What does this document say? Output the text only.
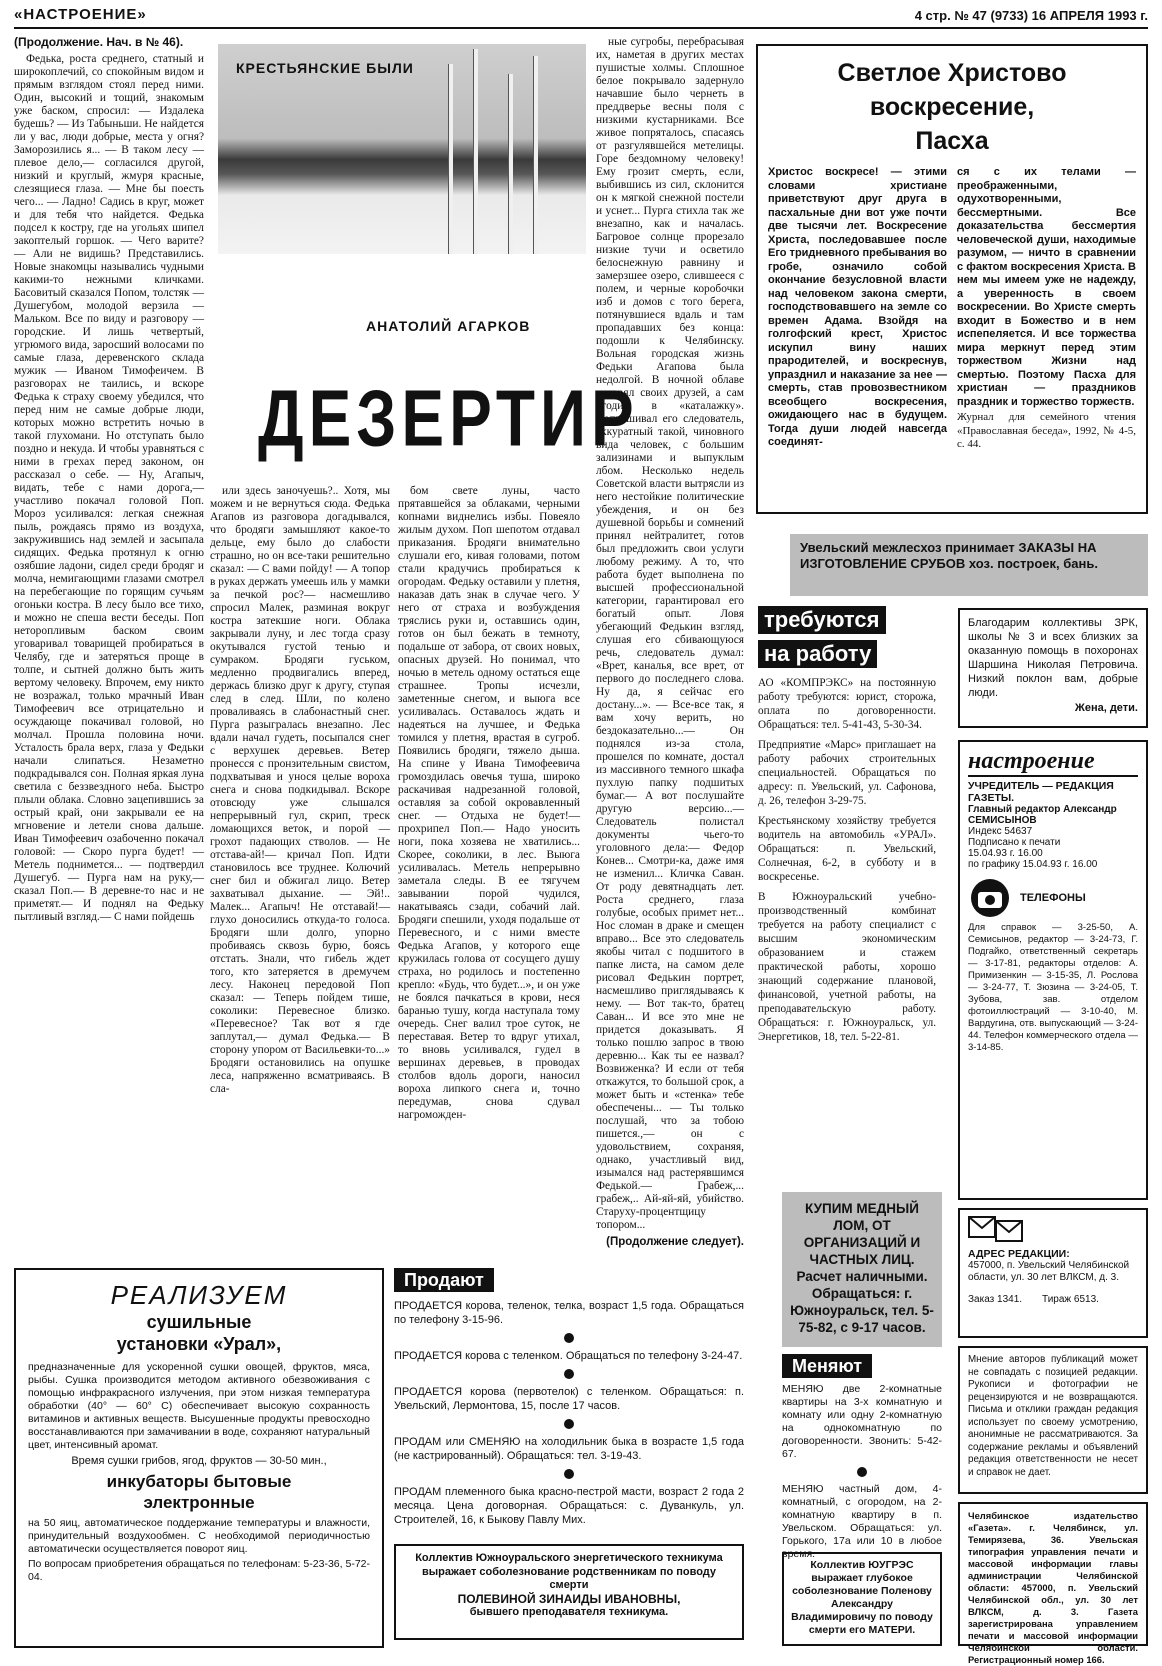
«НАСТРОЕНИЕ»	4 стр. № 47 (9733) 16 АПРЕЛЯ 1993 г.
(Продолжение. Нач. в № 46).

Федька, роста среднего, статный и широкоплечий, со спокойным видом и прямым взглядом стоял перед ними. Один, высокий и тощий, знакомым уже баском, спросил: — Издалека будешь? — Из Табыньши. Не найдется ли у вас, люди добрые, места у огня? Заморозились я... — В таком лесу — плевое дело,— согласился другой, низкий и круглый, жмуря красные, слезящиеся глаза. — Мне бы поесть чего... — Ладно! Садись в круг, может и для тебя что найдется. Федька подсел к костру, где на угольях шипел закоптелый горшок. — Чего варите? — Али не видишь? Представились. Новые знакомцы назывались чудными какими-то нежными кличками. Басовитый сказался Попом, толстяк — Душегубом, молодой верзила — Мальком. Все по виду и разговору — городские. И лишь четвертый, угрюмого вида, заросший волосами по самые глаза, деревенского склада мужик — Иваном Тимофеичем. В разговорах не таились, и вскоре Федька к страху своему убедился, что перед ним не самые добрые люди, которых можно встретить ночью в такой глухомани. Но отступать было поздно и некуда. И чтобы уравняться с ними в грехах перед законом, он рассказал о себе. — Ну, Агапыч, видать, тебе с нами дорога,— участливо покачал головой Поп. Мороз усиливался: легкая снежная пыль, рождаясь прямо из воздуха, закружившись над землей и засыпала сидящих. Федька протянул к огню озябшие ладони, сидел среди бродяг и молча, немигающими глазами смотрел на перебегающие по горящим сучьям огоньки костра. В лесу было все тихо, и можно не спеша вести беседы. Поп неторопливым баском своим уговаривал товарищей пробираться в Челябу, где и затеряться проще в толпе, и сытней должно быть жить вертому человеку. Впрочем, ему никто не возражал, только мрачный Иван Тимофеевич все отрицательно и осуждающе покачивал головой, но молчал. Прошла половина ночи. Усталость брала верх, глаза у Федьки начали слипаться. Незаметно подкрадывался сон. Полная яркая луна светила с беззвездного неба. Быстро плыли облака. Словно зацепившись за острый край, они закрывали ее на мгновение и летели снова дальше. Иван Тимофеевич озабоченно покачал головой: — Скоро пурга будет! — Метель поднимется... — подтвердил Душегуб. — Пурга нам на руку,— сказал Поп.— В деревне-то нас и не приметят.— И поднял на Федьку пытливый взгляд.— С нами пойдешь

КРЕСТЬЯНСКИЕ БЫЛИ
АНАТОЛИЙ АГАРКОВ
ДЕЗЕРТИР

или здесь заночуешь?.. Хотя, мы можем и не вернуться сюда. Федька Агапов из разговора догадывался, что бродяги замышляют какое-то дельце, ему было до слабости страшно, но он все-таки решительно сказал: — С вами пойду! — А топор в руках держать умеешь иль у мамки за печкой рос?— насмешливо спросил Малек, разминая вокруг костра затекшие ноги. Облака закрывали луну, и лес тогда сразу окутывался густой тенью и сумраком. Бродяги гуськом, медленно продвигались вперед, держась близко друг к другу, ступая след в след. Шли, по колено проваливаясь в слабонастный снег. Пурга разыгралась внезапно. Лес вдали начал гудеть, посыпался снег с верхушек деревьев. Ветер пронесся с пронзительным свистом, подхватывая и унося целые вороха снега и снова подкидывал. Вскоре отовсюду уже слышался непрерывный гул, скрип, треск ломающихся веток, и порой — грохот падающих стволов. — Не отстава-ай!— кричал Поп. Идти становилось все труднее. Колючий снег бил и обжигал лицо. Ветер захватывал дыхание. — Эй!.. Малек... Агапыч! Не отставай!— глухо доносились откуда-то голоса. Бродяги шли долго, упорно пробиваясь сквозь бурю, боясь отстать. Знали, что гибель ждет того, кто затеряется в дремучем лесу. Наконец передовой Поп сказал: — Теперь пойдем тише, соколики: Перевесное близко. «Перевесное? Так вот я где заплутал,— думал Федька.— В сторону упором от Васильевки-то...» Бродяги остановились на опушке леса, напряженно всматриваясь. В сла-

бом свете луны, часто прятавшейся за облаками, черными копнами виднелись избы. Повеяло жилым духом. Поп шепотом отдавал приказания. Бродяги внимательно слушали его, кивая головами, потом стали крадучись пробираться к огородам. Федьку оставили у плетня, наказав дать знак в случае чего. У него от страха и возбуждения тряслись руки и, оставшись один, готов он был бежать в темноту, подальше от забора, от своих новых, опасных друзей. Но понимал, что ночью в метель одному остаться еще страшнее. Тропы исчезли, заметенные снегом, и выюга все усиливалась. Оставалось ждать и надеяться на лучшее, и Федька томился у плетня, врастая в сугроб. Появились бродяги, тяжело дыша. На спине у Ивана Тимофеевича громоздилась овечья туша, широко раскачивая надрезанной головой, оставляя за собой окровавленный снег. — Отдыха не будет!— прохрипел Поп.— Надо уносить ноги, пока хозяева не хватились... Скорее, соколики, в лес. Выюга усиливалась. Метель непрерывно заметала следы. В ее тягучем завывании порой чудился, накатываясь сзади, собачий лай. Бродяги спешили, уходя подальше от Перевесного, и с ними вместе Федька Агапов, у которого еще кружилась голова от сосущего душу страха, но родилось и постепенно крепло: «Будь, что будет...», и он уже не боялся пачкаться в крови, неся баранью тушу, когда наступала тому очередь. Снег валил трое суток, не переставая. Ветер то вдруг утихал, то вновь усиливался, гудел в вершинах деревьев, в проводах столбов вдоль дороги, наносил вороха липкого снега и, точно передумав, снова сдувал нагроможден-

ные сугробы, перебрасывая их, наметая в других местах пушистые холмы. Сплошное белое покрывало задернуло начавшие было чернеть в преддверье весны поля с низкими кустарниками. Все живое попряталось, спасаясь от разгулявшейся метелицы. Горе бездомному человеку! Ему грозит смерть, если, выбившись из сил, склонится он к мягкой снежной постели и уснет... Пурга стихла так же внезапно, как и началась. Багровое солнце прорезало низкие тучи и осветило белоснежную равнину и замерзшее озеро, слившееся с полем, и черные коробочки изб и домов с того берега, потянувшиеся вдаль и там пропадавших без конца: подошли к Челябинску. Вольная городская жизнь Федьки Агапова была недолгой. В ночной облаве потерял своих друзей, а сам угодил в «каталажку». Допрашивал его следователь, аккуратный такой, чиновного вида человек, с большим зализинами и выпуклым лбом. Несколько недель Советской власти вытрясли из него нестойкие политические убеждения, и он без душевной борьбы и сомнений принял нейтралитет, готов был предложить свои услуги любому режиму. А то, что работа будет выполнена по высшей профессиональной категории, гарантировал его богатый опыт. Ловя убегающий Федькин взгляд, слушая его сбивающуюся речь, следователь думал: «Врет, каналья, все врет, от первого до последнего слова. Ну да, я сейчас его достану...». — Все-все так, я вам хочу верить, но бездоказательно...— Он поднялся из-за стола, прошелся по комнате, достал из массивного темного шкафа пухлую папку подшитых бумаг.— А вот послушайте другую версию...— Следователь полистал документы чьего-то уголовного дела:— Федор Конев... Смотри-ка, даже имя не изменил... Кличка Саван. От роду девятнадцать лет. Роста среднего, глаза голубые, особых примет нет... Нос сломан в драке и смещен вправо... Все это следователь якобы читал с подшитого в папке листа, на самом деле рисовал Федькин портрет, насмешливо приглядываясь к нему. — Вот так-то, братец Саван... И все это мне не придется доказывать. Я только пошлю запрос в твою деревню... Как ты ее назвал? Возвиженка? И если от тебя откажутся, то большой срок, а может быть и «стенка» тебе обеспечены... — Ты только послушай, что за тобою пишется.,— он с удовольствием, сохраняя, однако, участливый вид, изымался над растерявшимся Федькой.— Грабеж,... грабеж,.. Ай-яй-яй, убийство. Старуху-процентщицу топором...

(Продолжение следует).
Светлое Христово
воскресение,
Пасха
Христос воскресе! — этими словами христиане приветствуют друг друга в пасхальные дни вот уже почти две тысячи лет. Воскресение Христа, последовавшее после Его тридневного пребывания во гробе, означило собой окончание безусловной власти над человеком закона смерти, господствовавшего на земле со времен Адама. Взойдя на голгофский крест, Христос искупил вину наших прародителей, и воскреснув, упразднил и наказание за нее — смерть, став провозвестником всеобщего воскресения, ожидающего нас в будущем. Тогда души людей навсегда соединят-
ся с их телами — преображенными, одухотворенными, бессмертными. Все доказательства бессмертия человеческой души, находимые разумом, — ничто в сравнении с фактом воскресения Христа. В нем мы имеем уже не надежду, а уверенность в своем воскресении. Во Христе смерть входит в Божество и в нем испепеляется. И все торжества мира меркнут перед этим торжеством Жизни над смертью. Поэтому Пасха для христиан — праздников праздник и торжество торжеств.
Журнал для семейного чтения «Православная беседа», 1992, № 4-5, с. 44.
Увельский межлесхоз принимает ЗАКАЗЫ НА ИЗГОТОВЛЕНИЕ СРУБОВ хоз. построек, бань.
требуются на работу
АО «КОМПРЭКС» на постоянную работу требуются: юрист, сторожа, оплата по договоренности. Обращаться: тел. 5-41-43, 5-30-34.
Предприятие «Марс» приглашает на работу рабочих строительных специальностей. Обращаться по адресу: п. Увельский, ул. Сафонова, д. 26, телефон 3-29-75.
Крестьянскому хозяйству требуется водитель на автомобиль «УРАЛ». Обращаться: п. Увельский, Солнечная, 6-2, в субботу и в воскресенье.
В Южноуральский учебно-производственный комбинат требуется на работу специалист с высшим экономическим образованием и стажем практической работы, хорошо знающий содержание плановой, финансовой, учетной работы, на преподавательскую работу. Обращаться: г. Южноуральск, ул. Энергетиков, 18, тел. 5-22-81.
Благодарим коллективы ЗРК, школы № 3 и всех близких за оказанную помощь в похоронах Шаршина Николая Петровича. Низкий поклон вам, добрые люди.
Жена, дети.
настроение
УЧРЕДИТЕЛЬ — РЕДАКЦИЯ ГАЗЕТЫ.
Главный редактор Александр СЕМИСЫНОВ
Индекс 54637
Подписано к печати
15.04.93 г. 16.00
по графику 15.04.93 г. 16.00
ТЕЛЕФОНЫ
Для справок — 3-25-50, А. Семисынов, редактор — 3-24-73, Г. Подгайко, ответственный секретарь — 3-17-81, редакторы отделов: А. Примизенкин — 3-15-35, Л. Рослова — 3-24-77, Т. Зюзина — 3-24-05, Т. Зубова, зав. отделом фотоиллюстраций — 3-10-40, М. Вардугина, отв. выпускающий — 3-24-44. Телефон коммерческого отдела — 3-14-85.
АДРЕС РЕДАКЦИИ:
457000, п. Увельский Челябинской области, ул. 30 лет ВЛКСМ, д. 3.
Заказ 1341. Тираж 6513.
КУПИМ МЕДНЫЙ ЛОМ, ОТ ОРГАНИЗАЦИЙ И ЧАСТНЫХ ЛИЦ. Расчет наличными. Обращаться: г. Южноуральск, тел. 5-75-82, с 9-17 часов.
Мнение авторов публикаций может не совпадать с позицией редакции. Рукописи и фотографии не рецензируются и не возвращаются. Письма и отклики граждан редакция использует по своему усмотрению, анонимные не рассматриваются. За содержание рекламы и объявлений редакция ответственности не несет и справок не дает.
РЕАЛИЗУЕМ
сушильные
установки «Урал»,
предназначенные для ускоренной сушки овощей, фруктов, мяса, рыбы. Сушка производится методом активного обезвоживания с помощью инфракрасного излучения, при этом низкая температура обработки (40° — 60° С) обеспечивает высокую сохранность витаминов и активных веществ. Высушенные продукты превосходно восстанавливаются при замачивании в воде, сохраняют натуральный цвет, интенсивный аромат.
Время сушки грибов, ягод, фруктов — 30-50 мин.,
инкубаторы бытовые
электронные
на 50 яиц, автоматическое поддержание температуры и влажности, принудительный воздухообмен. С необходимой периодичностью автоматически осуществляется поворот яиц.
По вопросам приобретения обращаться по телефонам: 5-23-36, 5-72-04.
Продают
ПРОДАЕТСЯ корова, теленок, телка, возраст 1,5 года. Обращаться по телефону 3-15-96.
ПРОДАЕТСЯ корова с теленком. Обращаться по телефону 3-24-47.
ПРОДАЕТСЯ корова (первотелок) с теленком. Обращаться: п. Увельский, Лермонтова, 15, после 17 часов.
ПРОДАМ или СМЕНЯЮ на холодильник быка в возрасте 1,5 года (не кастрированный). Обращаться: тел. 3-19-43.
ПРОДАМ племенного быка красно-пестрой масти, возраст 2 года 2 месяца. Цена договорная. Обращаться: с. Дуванкуль, ул. Строителей, 16, к Быкову Павлу Мих.
Коллектив Южноуральского энергетического техникума выражает соболезнование родственникам по поводу смерти
ПОЛЕВИНОЙ ЗИНАИДЫ ИВАНОВНЫ,
бывшего преподавателя техникума.
Меняют
МЕНЯЮ две 2-комнатные квартиры на 3-х комнатную и комнату или одну 2-комнатную на однокомнатную по договоренности. Звонить: 5-42-67.
МЕНЯЮ частный дом, 4-комнатный, с огородом, на 2-комнатную квартиру в п. Увельском. Обращаться: ул. Горького, 17а или 10 в любое время.
Коллектив ЮУГРЭС выражает глубокое соболезнование Поленову Александру Владимировичу по поводу смерти его МАТЕРИ.
Челябинское издательство «Газета». г. Челябинск, ул. Темирязева, 36. Увельская типография управления печати и массовой информации главы администрации Челябинской области: 457000, п. Увельский Челябинской обл., ул. 30 лет ВЛКСМ, д. 3. Газета зарегистрирована управлением печати и массовой информации Челябинской области. Регистрационный номер 166.
